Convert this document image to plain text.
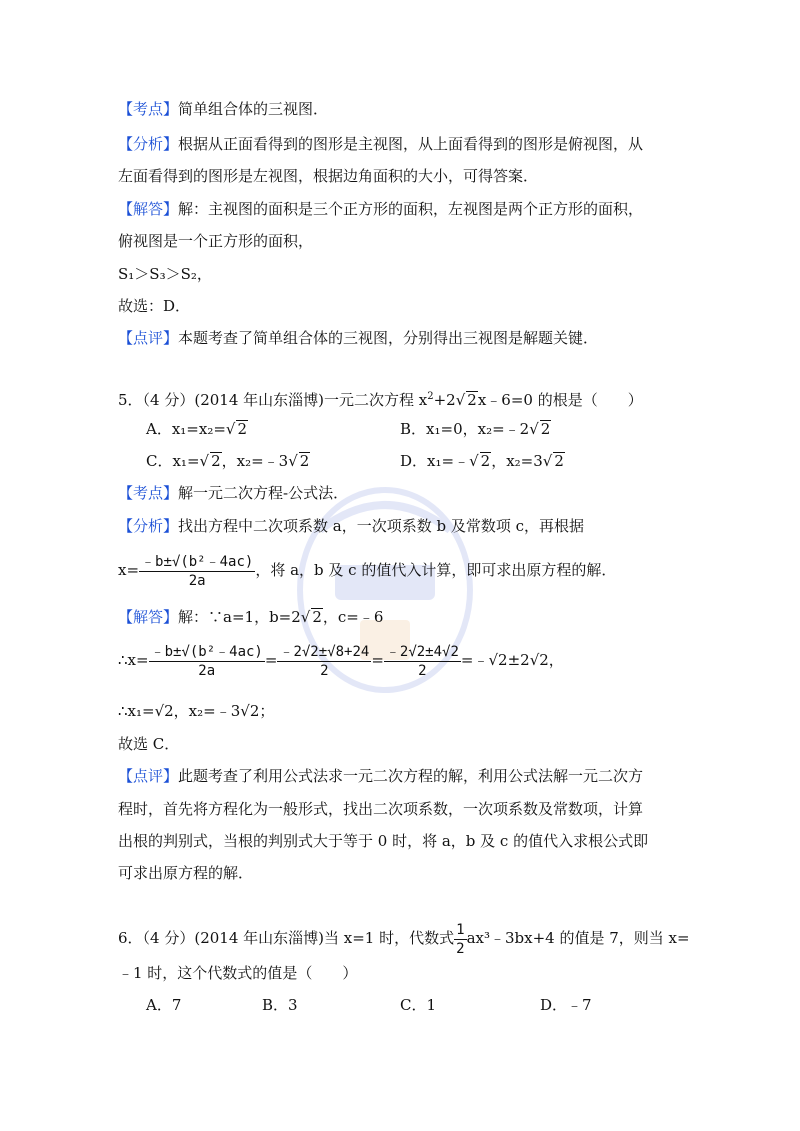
【考点】简单组合体的三视图．
【分析】根据从正面看得到的图形是主视图，从上面看得到的图形是俯视图，从
左面看得到的图形是左视图，根据边角面积的大小，可得答案．
【解答】解：主视图的面积是三个正方形的面积，左视图是两个正方形的面积，
俯视图是一个正方形的面积，
S₁＞S₃＞S₂，
故选：D．
【点评】本题考查了简单组合体的三视图，分别得出三视图是解题关键．
5．（4 分）(2014 年山东淄博)一元二次方程 $x^2+2√$ 2x﹣6=0 的根是（　　）
A．x₁=x₂=√ 2	B．x₁=0，x₂=﹣2√ 2
C．x₁=√ 2，x₂=﹣3√ 2	D．x₁=﹣√ 2，x₂=3√ 2
【考点】解一元二次方程-公式法．
【分析】找出方程中二次项系数 a，一次项系数 b 及常数项 c，再根据
$x= \frac{\text{﹣b±√(b²﹣4ac)}}{2a}$ ，将 a，b 及 c 的值代入计算，即可求出原方程的解．
【解答】解：∵a=1，b=2√ 2，c=﹣6
∴x= $\frac{\text{﹣b±√(b²﹣4ac)}}{2a} = \frac{﹣2√2\pm√8+24}{2} = \frac{﹣2√2\pm 4√2}{2}$ =﹣√2±2√2，
∴x₁=√2，x₂=﹣3√2；
故选 C．
【点评】此题考查了利用公式法求一元二次方程的解，利用公式法解一元二次方
程时，首先将方程化为一般形式，找出二次项系数，一次项系数及常数项，计算
出根的判别式，当根的判别式大于等于 0 时，将 a，b 及 c 的值代入求根公式即
可求出原方程的解．
6．（4 分）(2014 年山东淄博)当 x=1 时，代数式 $\frac{1}{2}$ ax³﹣3bx+4 的值是 7，则当 x=
﹣1 时，这个代数式的值是（　　）
A．7	B．3	C．1	D．﹣7
